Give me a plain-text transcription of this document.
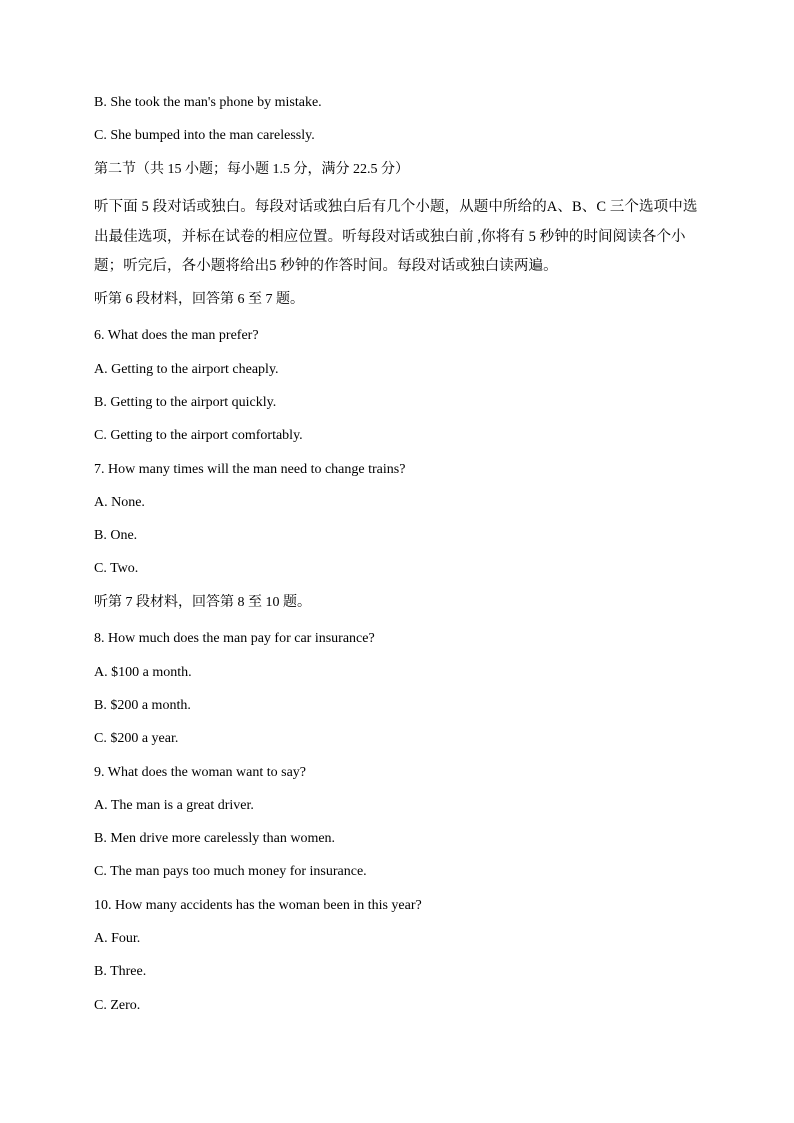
B. She took the man's phone by mistake.
C. She bumped into the man carelessly.
第二节（共 15 小题；每小题 1.5 分，满分 22.5 分）
听下面 5 段对话或独白。每段对话或独白后有几个小题，从题中所给的A、B、C 三个选项中选
出最佳选项，并标在试卷的相应位置。听每段对话或独白前 ,你将有 5 秒钟的时间阅读各个小
题；听完后，各小题将给出5 秒钟的作答时间。每段对话或独白读两遍。
听第 6 段材料，回答第 6 至 7 题。
6. What does the man prefer?
A. Getting to the airport cheaply.
B. Getting to the airport quickly.
C. Getting to the airport comfortably.
7. How many times will the man need to change trains?
A. None.
B. One.
C. Two.
听第 7 段材料，回答第 8 至 10 题。
8. How much does the man pay for car insurance?
A. $100 a month.
B. $200 a month.
C. $200 a year.
9. What does the woman want to say?
A. The man is a great driver.
B. Men drive more carelessly than women.
C. The man pays too much money for insurance.
10. How many accidents has the woman been in this year?
A. Four.
B. Three.
C. Zero.
